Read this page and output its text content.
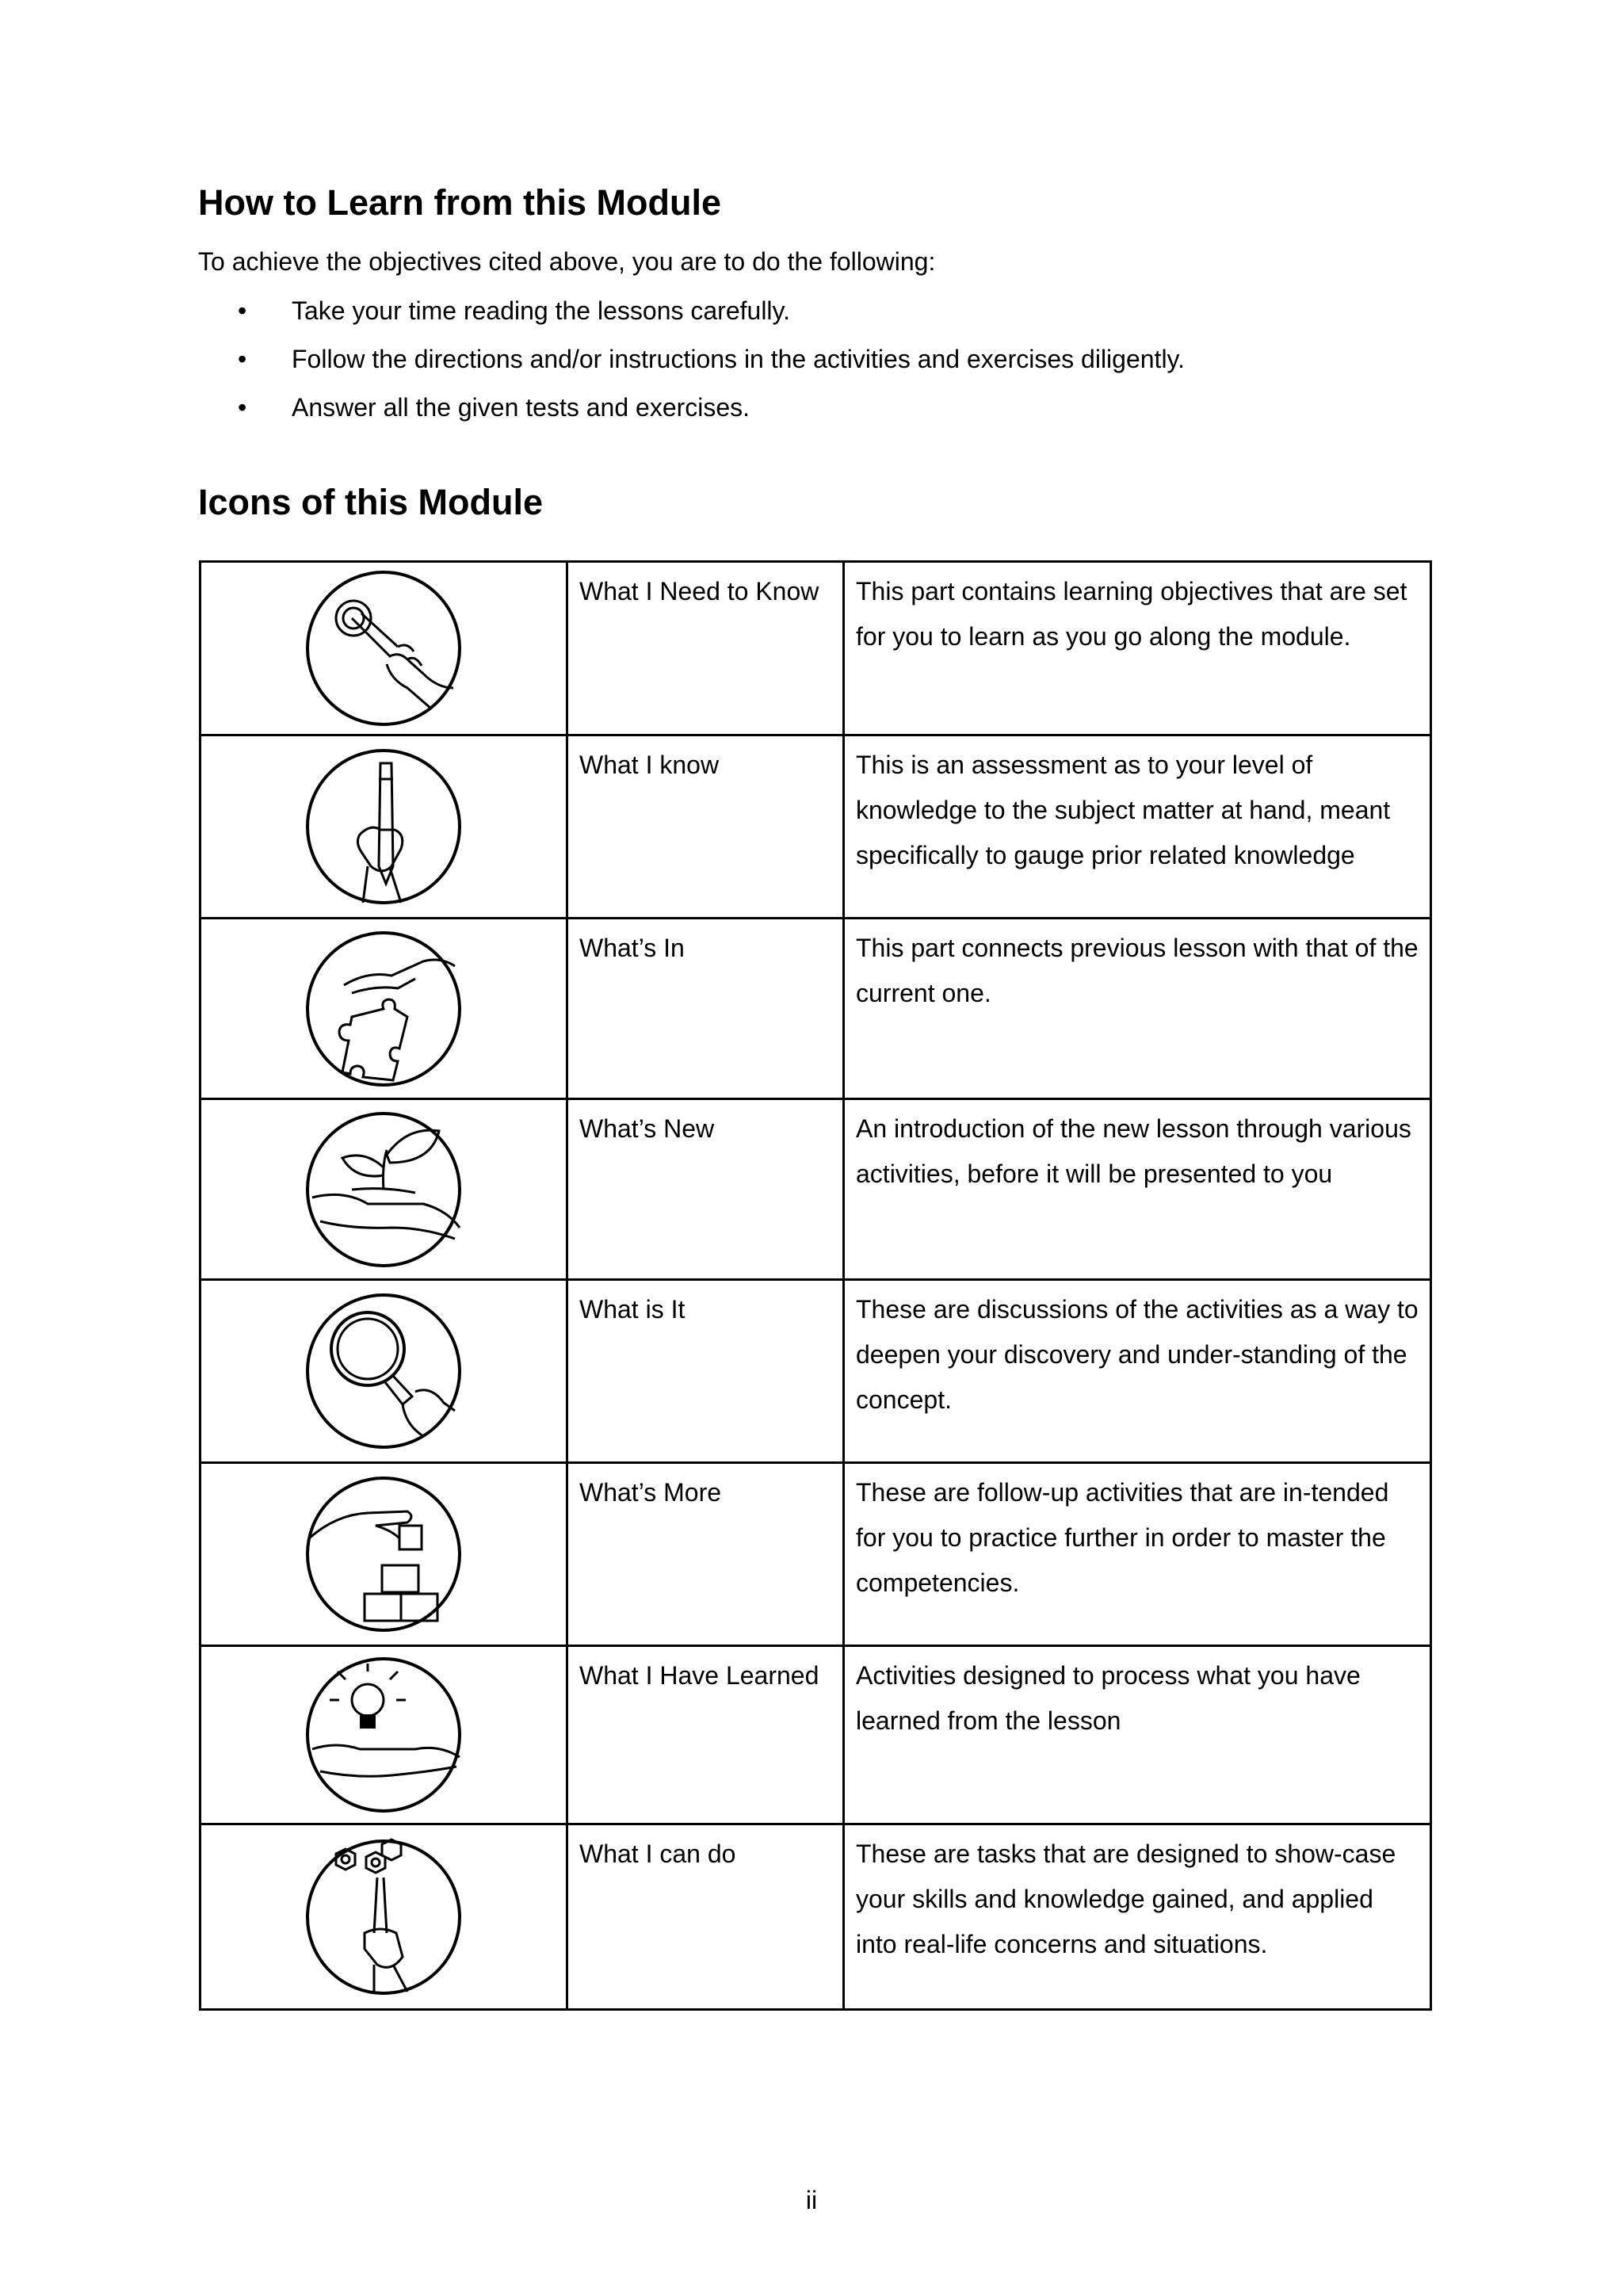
How to Learn from this Module

To achieve the objectives cited above, you are to do the following:

• Take your time reading the lessons carefully.
• Follow the directions and/or instructions in the activities and exercises diligently.
• Answer all the given tests and exercises.
Icons of this Module
	What I Need to Know	This part contains learning objectives that are set for you to learn as you go along the module.

	What I know	This is an assessment as to your level of knowledge to the subject matter at hand, meant specifically to gauge prior related knowledge

	What’s In	This part connects previous lesson with that of the current one.

	What’s New	An introduction of the new lesson through various activities, before it will be presented to you

	What is It	These are discussions of the activities as a way to deepen your discovery and under-standing of the concept.

	What’s More	These are follow-up activities that are in-tended for you to practice further in order to master the competencies.

	What I Have Learned	Activities designed to process what you have learned from the lesson

	What I can do	These are tasks that are designed to show-case your skills and knowledge gained, and applied into real-life concerns and situations.
ii
